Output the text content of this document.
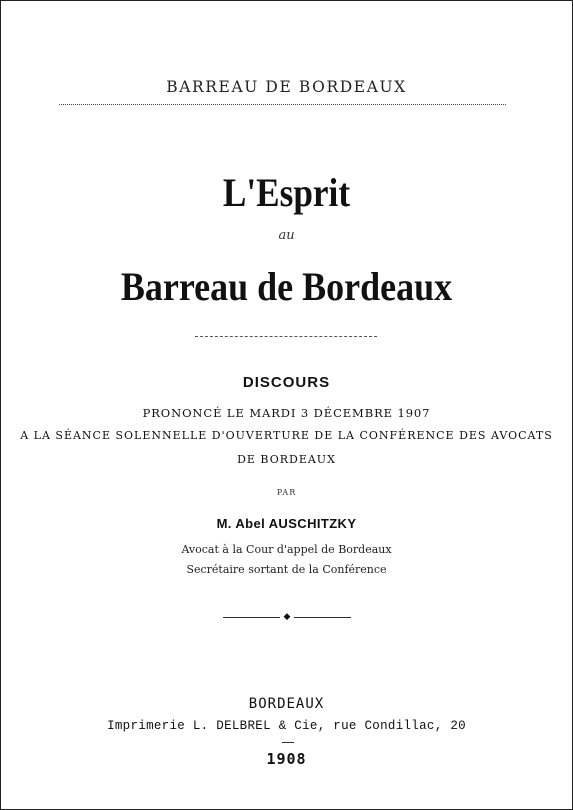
BARREAU DE BORDEAUX
L'Esprit
au
Barreau de Bordeaux
DISCOURS
PRONONCÉ LE MARDI 3 DÉCEMBRE 1907
A LA SÉANCE SOLENNELLE D'OUVERTURE DE LA CONFÉRENCE DES AVOCATS
DE BORDEAUX
PAR
M. Abel AUSCHITZKY
Avocat à la Cour d'appel de Bordeaux
Secrétaire sortant de la Conférence
◆
BORDEAUX
Imprimerie L. DELBREL & Cie, rue Condillac, 20
1908
